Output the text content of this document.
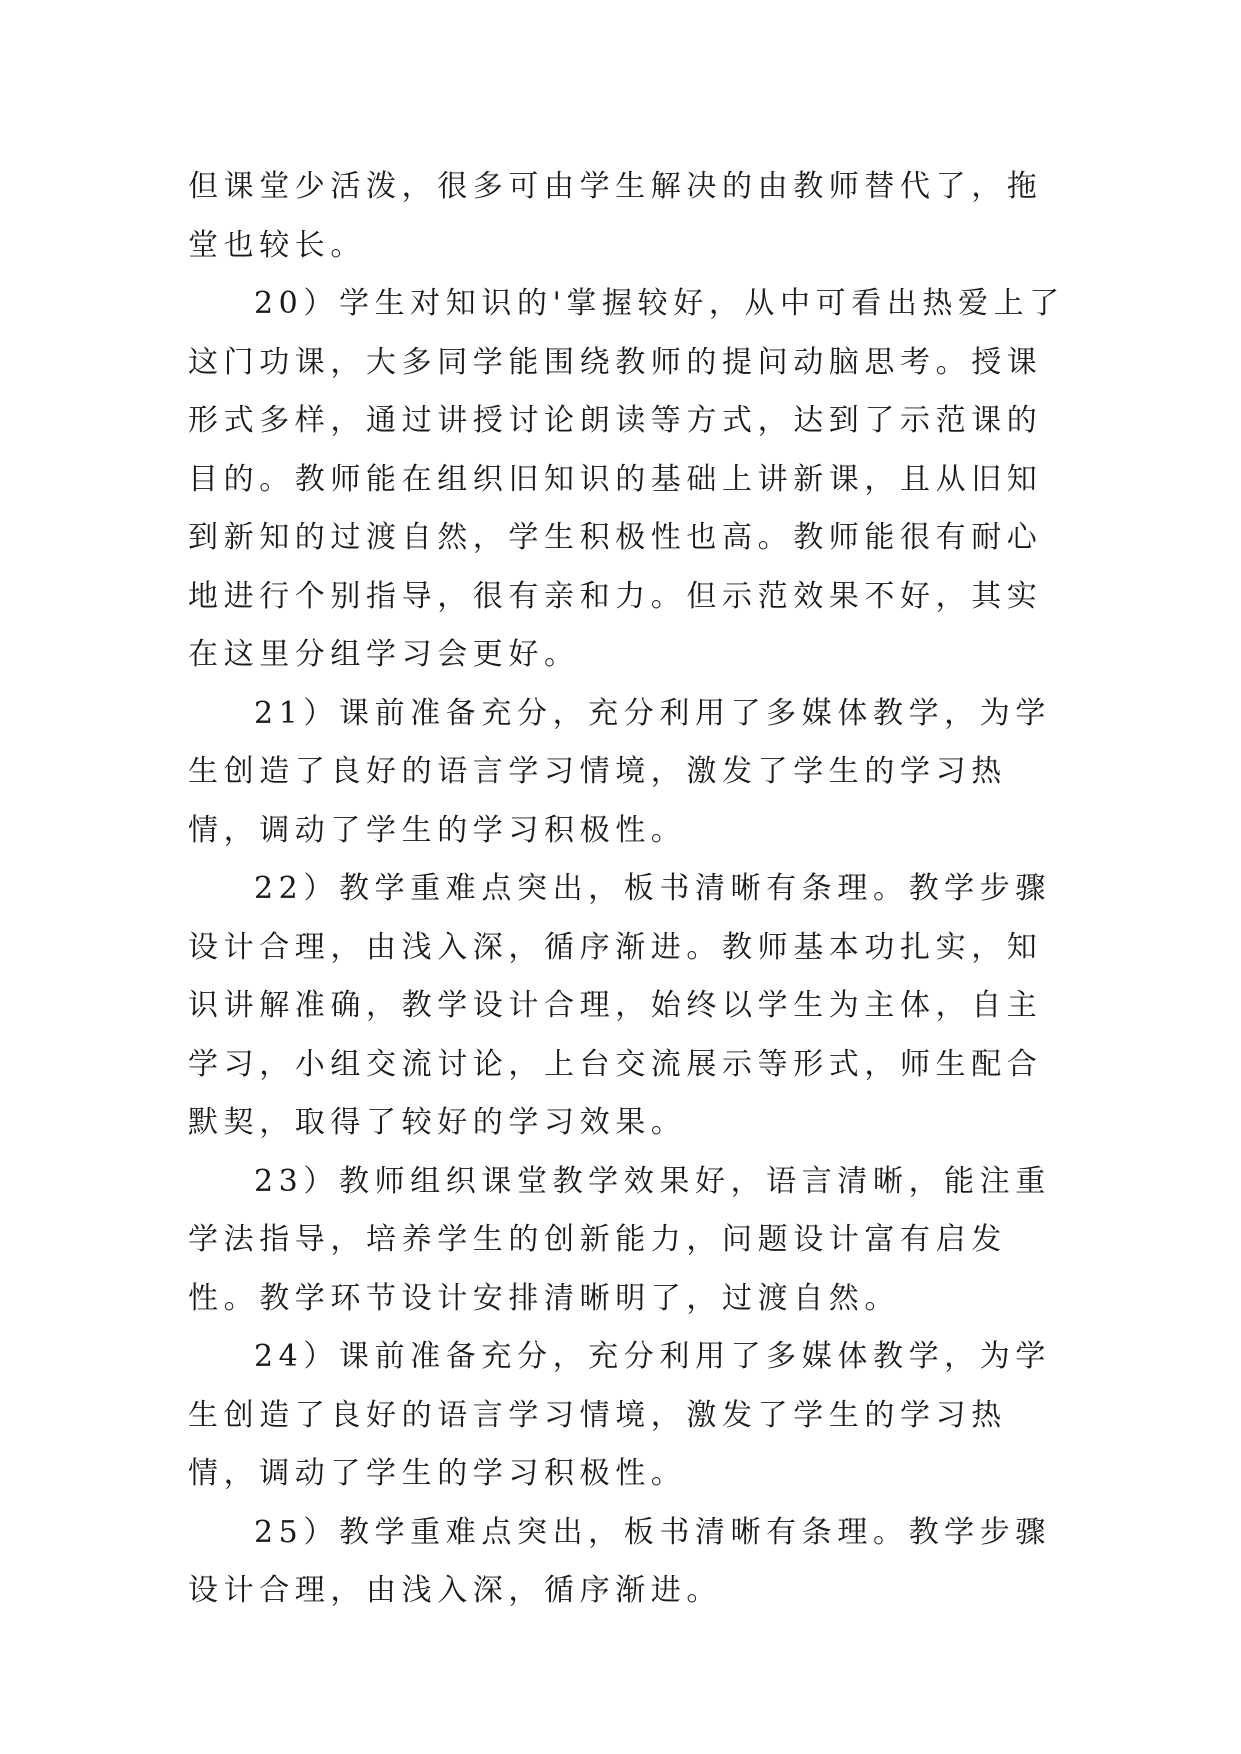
但课堂少活泼，很多可由学生解决的由教师替代了，拖堂也较长。

20）学生对知识的'掌握较好，从中可看出热爱上了这门功课，大多同学能围绕教师的提问动脑思考。授课形式多样，通过讲授讨论朗读等方式，达到了示范课的目的。教师能在组织旧知识的基础上讲新课，且从旧知到新知的过渡自然，学生积极性也高。教师能很有耐心地进行个别指导，很有亲和力。但示范效果不好，其实在这里分组学习会更好。

21）课前准备充分，充分利用了多媒体教学，为学生创造了良好的语言学习情境，激发了学生的学习热情，调动了学生的学习积极性。

22）教学重难点突出，板书清晰有条理。教学步骤设计合理，由浅入深，循序渐进。教师基本功扎实，知识讲解准确，教学设计合理，始终以学生为主体，自主学习，小组交流讨论，上台交流展示等形式，师生配合默契，取得了较好的学习效果。

23）教师组织课堂教学效果好，语言清晰，能注重学法指导，培养学生的创新能力，问题设计富有启发性。教学环节设计安排清晰明了，过渡自然。

24）课前准备充分，充分利用了多媒体教学，为学生创造了良好的语言学习情境，激发了学生的学习热情，调动了学生的学习积极性。

25）教学重难点突出，板书清晰有条理。教学步骤设计合理，由浅入深，循序渐进。
